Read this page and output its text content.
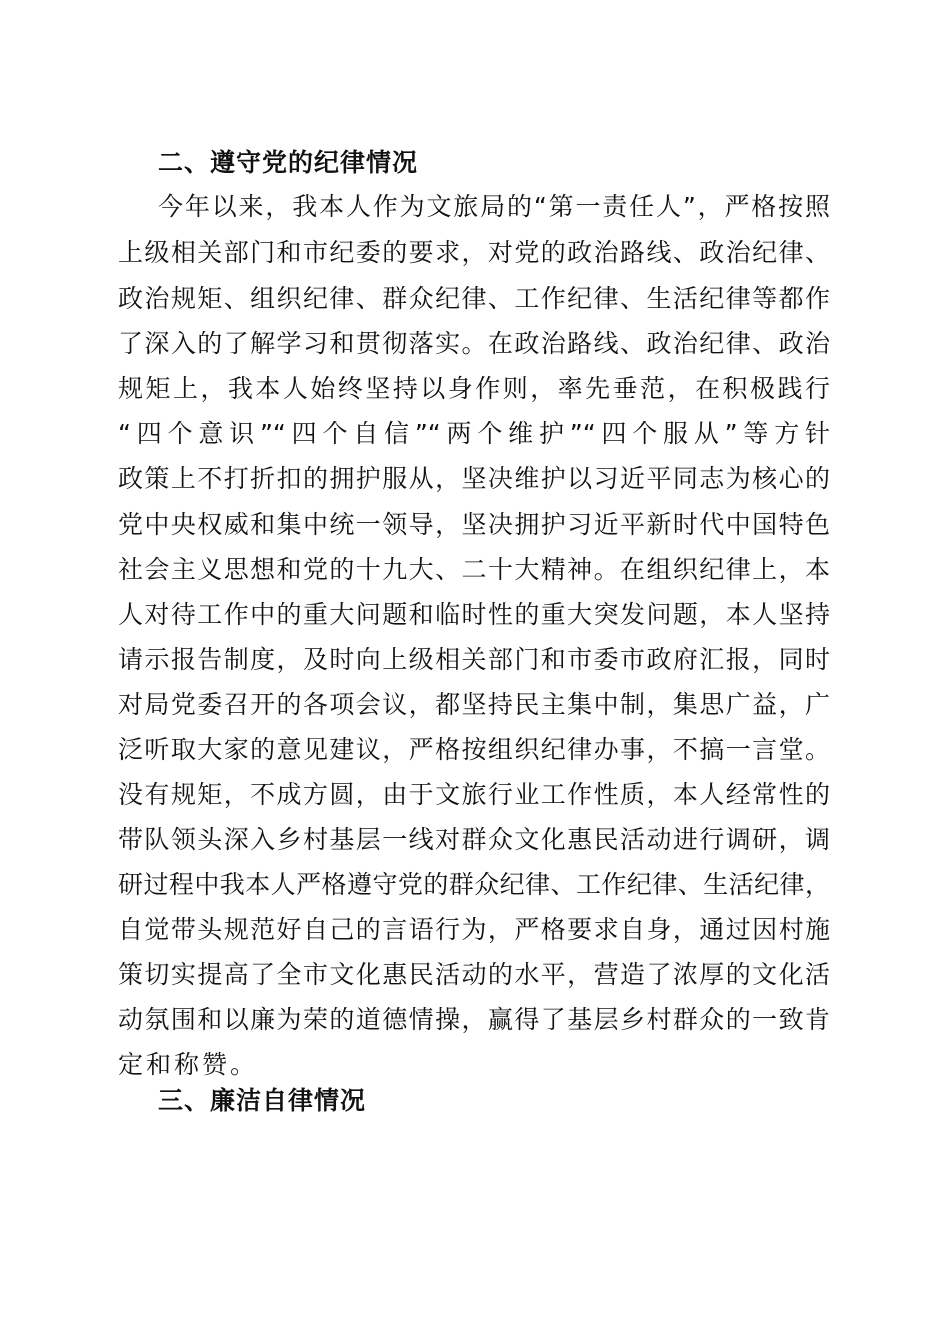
二、遵守党的纪律情况
今年以来，我本人作为文旅局的“第一责任人”，严格按照
上级相关部门和市纪委的要求，对党的政治路线、政治纪律、
政治规矩、组织纪律、群众纪律、工作纪律、生活纪律等都作
了深入的了解学习和贯彻落实。在政治路线、政治纪律、政治
规矩上，我本人始终坚持以身作则，率先垂范，在积极践行
“四个意识”“四个自信”“两个维护”“四个服从”等方针
政策上不打折扣的拥护服从，坚决维护以习近平同志为核心的
党中央权威和集中统一领导，坚决拥护习近平新时代中国特色
社会主义思想和党的十九大、二十大精神。在组织纪律上，本
人对待工作中的重大问题和临时性的重大突发问题，本人坚持
请示报告制度，及时向上级相关部门和市委市政府汇报，同时
对局党委召开的各项会议，都坚持民主集中制，集思广益，广
泛听取大家的意见建议，严格按组织纪律办事，不搞一言堂。
没有规矩，不成方圆，由于文旅行业工作性质，本人经常性的
带队领头深入乡村基层一线对群众文化惠民活动进行调研，调
研过程中我本人严格遵守党的群众纪律、工作纪律、生活纪律，
自觉带头规范好自己的言语行为，严格要求自身，通过因村施
策切实提高了全市文化惠民活动的水平，营造了浓厚的文化活
动氛围和以廉为荣的道德情操，赢得了基层乡村群众的一致肯
定和称赞。
三、廉洁自律情况
